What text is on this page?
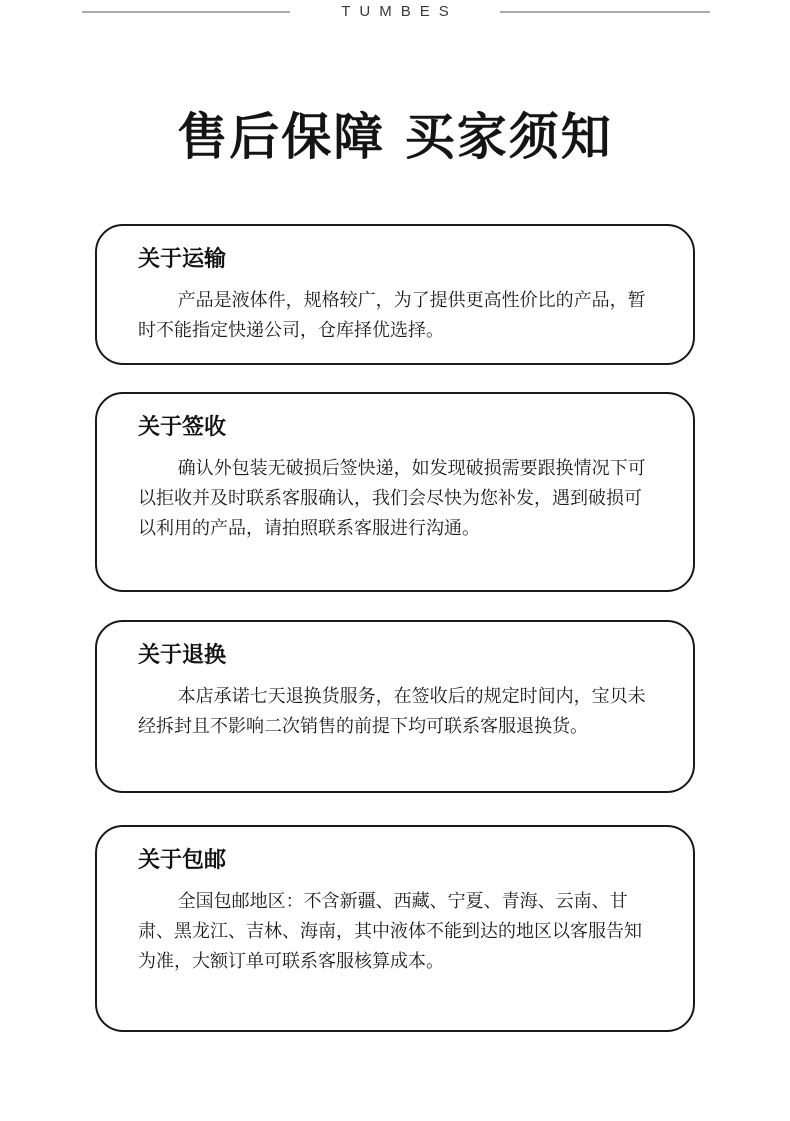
TUMBES
售后保障 买家须知
关于运输

产品是液体件，规格较广，为了提供更高性价比的产品，暂时不能指定快递公司，仓库择优选择。

关于签收

确认外包装无破损后签快递，如发现破损需要跟换情况下可以拒收并及时联系客服确认，我们会尽快为您补发，遇到破损可以利用的产品，请拍照联系客服进行沟通。

关于退换

本店承诺七天退换货服务，在签收后的规定时间内，宝贝未经拆封且不影响二次销售的前提下均可联系客服退换货。

关于包邮

全国包邮地区：不含新疆、西藏、宁夏、青海、云南、甘肃、黑龙江、吉林、海南，其中液体不能到达的地区以客服告知为准，大额订单可联系客服核算成本。
